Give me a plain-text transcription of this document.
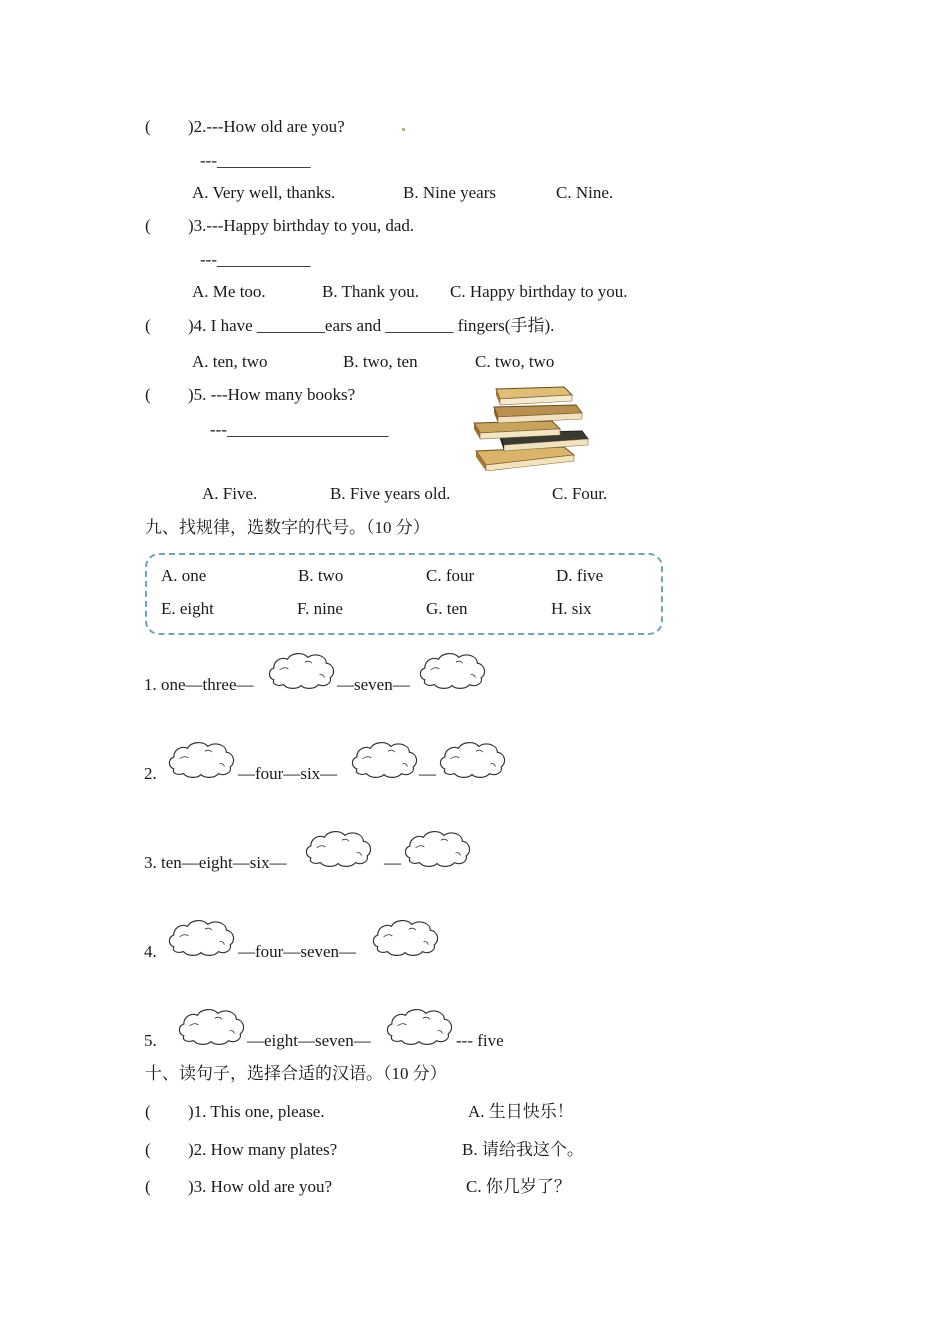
( )2.---How old are you?
---___________
A. Very well, thanks.	B. Nine years	C. Nine.
( )3.---Happy birthday to you, dad.
---___________
A. Me too.	B. Thank you. C. Happy birthday to you.
( )4. I have ________ears and ________ fingers(手指).
A. ten, two	B. two, ten	C. two, two
( )5. ---How many books?
---___________________
A. Five.	B. Five years old.	C. Four.
九、找规律，选数字的代号。（10 分）
A. one	B. two	C. four	D. five
E. eight	F. nine	G. ten	H. six
1. one—three—	—seven—
2.	—four—six—	—
3. ten—eight—six—	—
4.	—four—seven—
5.	—eight—seven—	--- five
十、读句子，选择合适的汉语。（10 分）
( )1. This one, please.	A. 生日快乐！
( )2. How many plates?	B. 请给我这个。
( )3. How old are you?	C. 你几岁了？
